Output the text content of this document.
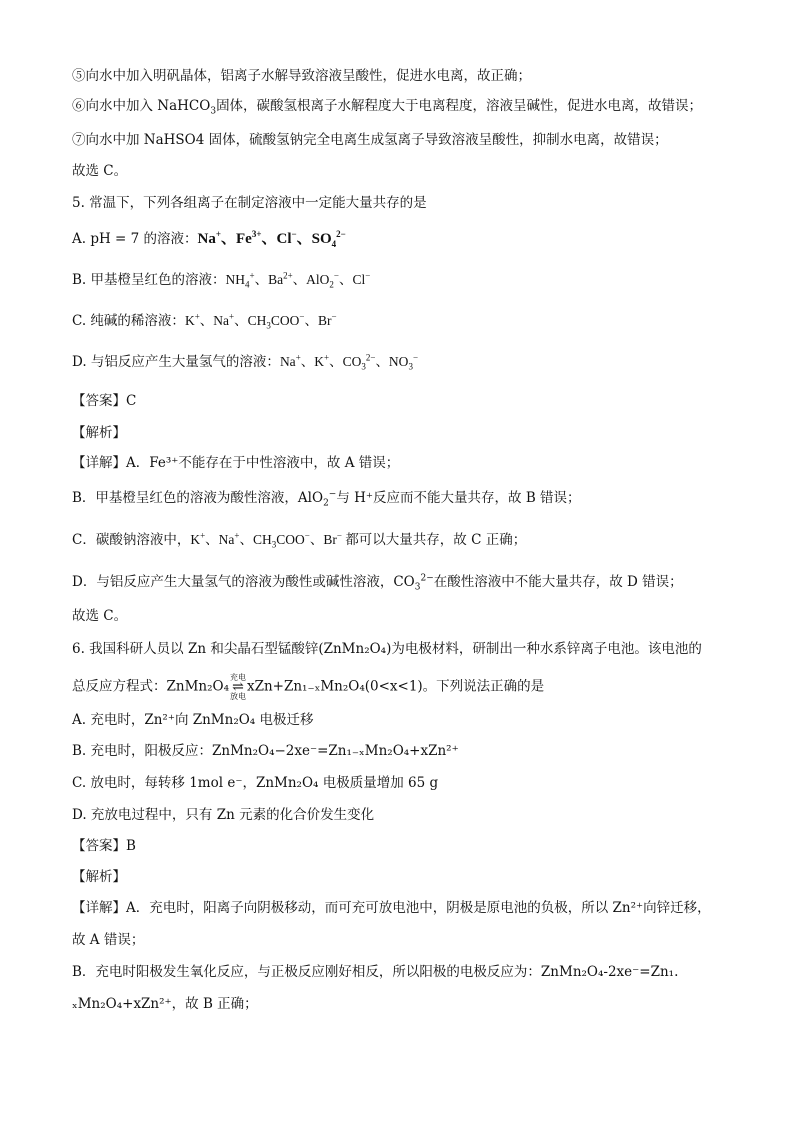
⑤向水中加入明矾晶体，铝离子水解导致溶液呈酸性，促进水电离，故正确；
⑥向水中加入 NaHCO$_3$固体，碳酸氢根离子水解程度大于电离程度，溶液呈碱性，促进水电离，故错误；
⑦向水中加 NaHSO4 固体，硫酸氢钠完全电离生成氢离子导致溶液呈酸性，抑制水电离，故错误；
故选 C。
5. 常温下，下列各组离子在制定溶液中一定能大量共存的是
A. pH = 7 的溶液：Na+、$Fe^{3+}$、Cl−、$SO_4^{2-}$
B. 甲基橙呈红色的溶液：$NH_4^+$、$Ba^{2+}$、AlO$_2$−、Cl−
C. 纯碱的稀溶液：K+、Na+、$CH_3COO^-$、Br−
D. 与铝反应产生大量氢气的溶液：Na+、K+、$CO_3^{2-}$、$NO_3^-$
【答案】C
【解析】
【详解】A．Fe³⁺不能存在于中性溶液中，故 A 错误；
B．甲基橙呈红色的溶液为酸性溶液，AlO$_2$−与 H⁺反应而不能大量共存，故 B 错误；
C．碳酸钠溶液中，K+、Na+、$CH_3COO^-$、Br− 都可以大量共存，故 C 正确；
D．与铝反应产生大量氢气的溶液为酸性或碱性溶液，$CO_3^{2-}$在酸性溶液中不能大量共存，故 D 错误；
故选 C。
6. 我国科研人员以 Zn 和尖晶石型锰酸锌(ZnMn₂O₄)为电极材料，研制出一种水系锌离子电池。该电池的
总反应方程式：ZnMn₂O₄
充电
⇌
放电
xZn+Zn₁₋ₓMn₂O₄(0<x<1)。下列说法正确的是
A. 充电时，Zn²⁺向 ZnMn₂O₄ 电极迁移
B. 充电时，阳极反应：ZnMn₂O₄−2xe⁻=Zn₁₋ₓMn₂O₄+xZn²⁺
C. 放电时，每转移 1mol e⁻，ZnMn₂O₄ 电极质量增加 65 g
D. 充放电过程中，只有 Zn 元素的化合价发生变化
【答案】B
【解析】
【详解】A．充电时，阳离子向阴极移动，而可充可放电池中，阴极是原电池的负极，所以 Zn²⁺向锌迁移，
故 A 错误；
B．充电时阳极发生氧化反应，与正极反应刚好相反，所以阳极的电极反应为：ZnMn₂O₄-2xe⁻=Zn₁.
ₓMn₂O₄+xZn²⁺，故 B 正确；
